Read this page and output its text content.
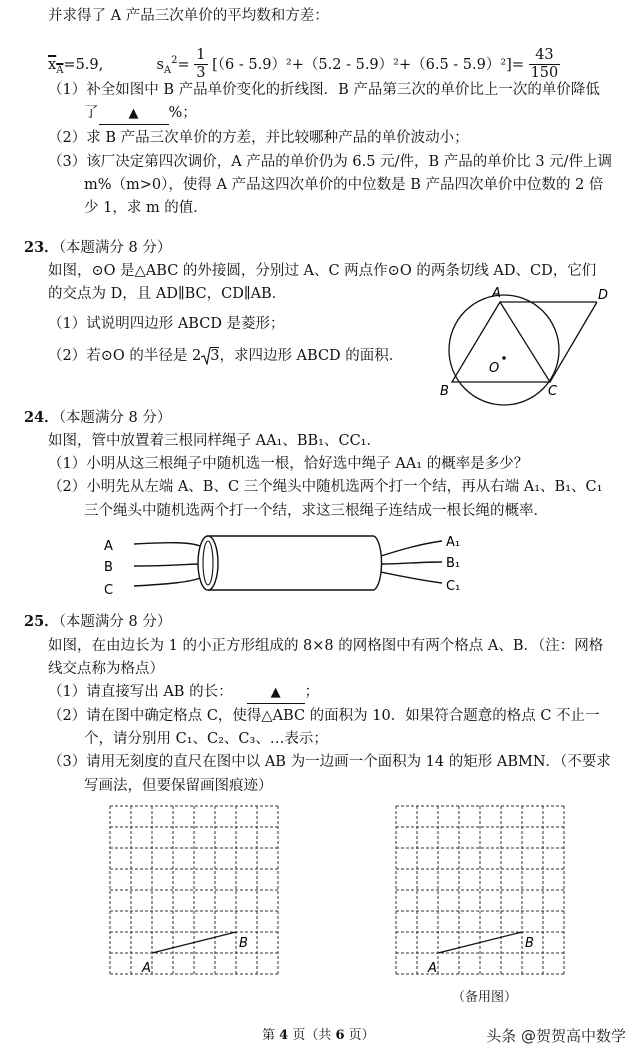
并求得了 A 产品三次单价的平均数和方差：
$x_A=5.9$,	$s_A^2= \frac{1}{3} [(6 - 5.9)^2+(5.2 - 5.9)^2+(6.5 - 5.9)^2]= \frac{43}{150}$
（1）补全如图中 B 产品单价变化的折线图．B 产品第三次的单价比上一次的单价降低
了 ▲ %；
（2）求 B 产品三次单价的方差，并比较哪种产品的单价波动小；
（3）该厂决定第四次调价，A 产品的单价仍为 6.5 元/件，B 产品的单价比 3 元/件上调
m%（m>0），使得 A 产品这四次单价的中位数是 B 产品四次单价中位数的 2 倍
少 1，求 m 的值．
23．（本题满分 8 分）
如图，⊙O 是△ABC 的外接圆，分别过 A、C 两点作⊙O 的两条切线 AD、CD，它们
的交点为 D，且 AD∥BC，CD∥AB．
（1）试说明四边形 ABCD 是菱形；
（2）若⊙O 的半径是 2 3，求四边形 ABCD 的面积．
A	D
O
B	C
24．（本题满分 8 分）
如图，管中放置着三根同样绳子 AA₁、BB₁、CC₁．
（1）小明从这三根绳子中随机选一根，恰好选中绳子 AA₁ 的概率是多少？
（2）小明先从左端 A、B、C 三个绳头中随机选两个打一个结，再从右端 A₁、B₁、C₁
三个绳头中随机选两个打一个结，求这三根绳子连结成一根长绳的概率．
A
B
C
A₁
B₁
C₁
25．（本题满分 8 分）
如图，在由边长为 1 的小正方形组成的 8×8 的网格图中有两个格点 A、B．（注：网格
线交点称为格点）
（1）请直接写出 AB 的长：	▲ ；
（2）请在图中确定格点 C，使得△ABC 的面积为 10．如果符合题意的格点 C 不止一
个，请分别用 C₁、C₂、C₃、…表示；
（3）请用无刻度的直尺在图中以 AB 为一边画一个面积为 14 的矩形 ABMN．（不要求
写画法，但要保留画图痕迹）
A
B
A
B
（备用图）
第 4 页（共 6 页）	头条 @贺贺高中数学
